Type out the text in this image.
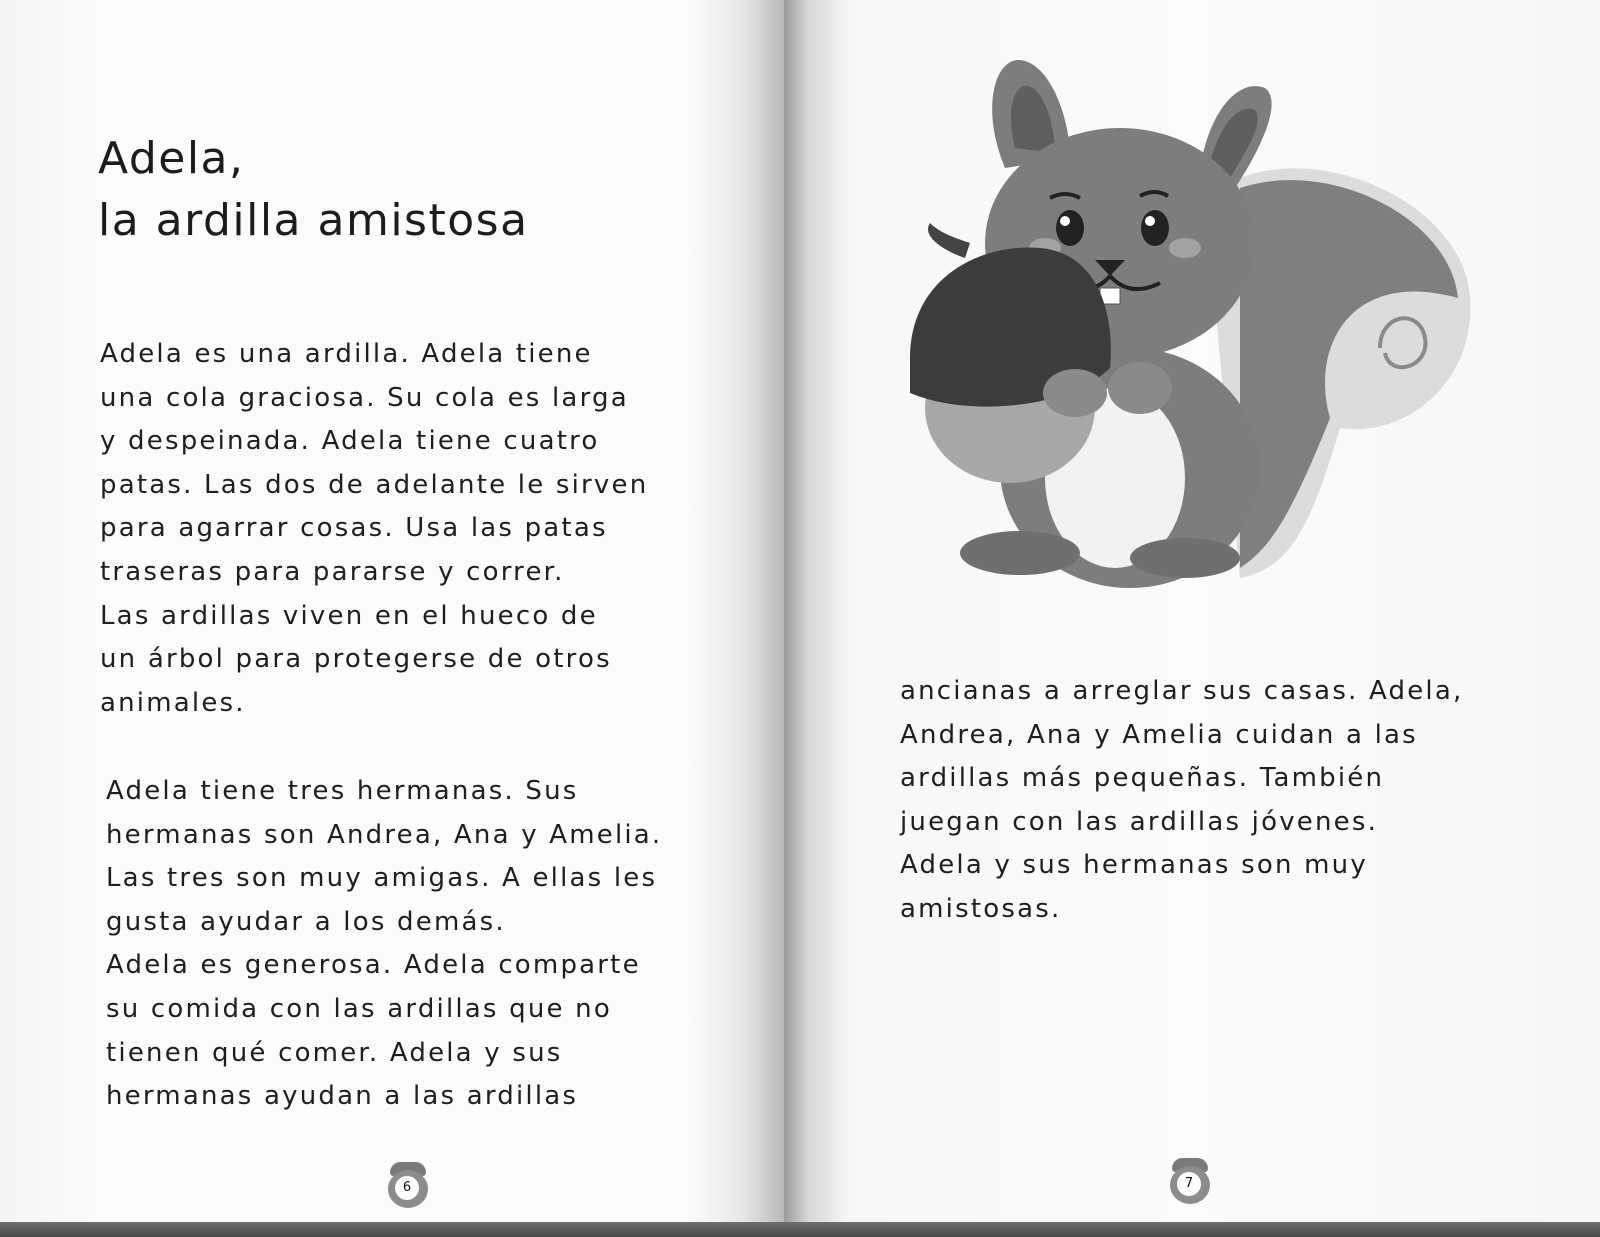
Adela,
la ardilla amistosa

Adela es una ardilla. Adela tiene
una cola graciosa. Su cola es larga
y despeinada. Adela tiene cuatro
patas. Las dos de adelante le sirven
para agarrar cosas. Usa las patas
traseras para pararse y correr.
Las ardillas viven en el hueco de
un árbol para protegerse de otros
animales.

Adela tiene tres hermanas. Sus
hermanas son Andrea, Ana y Amelia.
Las tres son muy amigas. A ellas les
gusta ayudar a los demás.
Adela es generosa. Adela comparte
su comida con las ardillas que no
tienen qué comer. Adela y sus
hermanas ayudan a las ardillas

6

ancianas a arreglar sus casas. Adela,
Andrea, Ana y Amelia cuidan a las
ardillas más pequeñas. También
juegan con las ardillas jóvenes.
Adela y sus hermanas son muy
amistosas.

7
